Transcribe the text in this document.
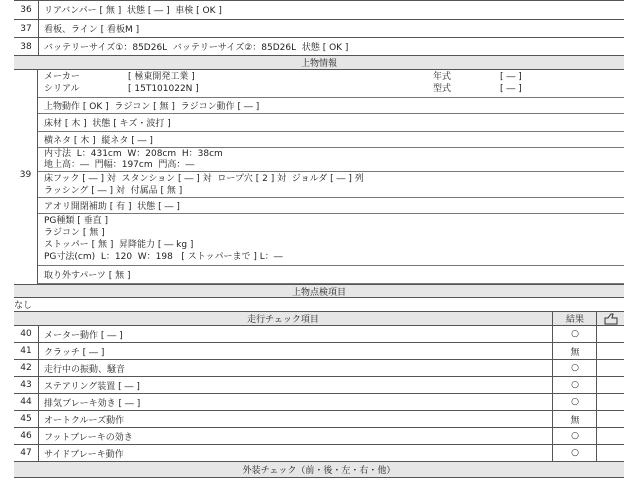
36	リアバンパー [ 無 ]  状態 [ ― ]  車検 [ OK ]
37	看板、ライン [ 看板M ]
38	バッテリーサイズ①：85D26L  バッテリーサイズ②：85D26L  状態 [ OK ]
上物情報
39
メーカー	[ 極東開発工業 ]	年式	[ ― ]
シリアル	[ 15T101022N ]	型式	[ ― ]
上物動作 [ OK ]  ラジコン [ 無 ]  ラジコン動作 [ ― ]
床材 [ 木 ]  状態 [ キズ・波打 ]
横ネタ [ 木 ]  縦ネタ [ ― ]
内寸法  L：431cm  W：208cm  H：38cm
地上高：―  門幅：197cm  門高：―
床フック [ ― ] 対  スタンション [ ― ] 対  ロープ穴 [ 2 ] 対  ジョルダ [ ― ] 列
ラッシング [ ― ] 対  付属品 [ 無 ]
アオリ開閉補助 [ 有 ]  状態 [ ― ]
PG種類 [ 垂直 ]
ラジコン [ 無 ]
ストッパー [ 無 ]  昇降能力 [ ― kg ]
PG寸法(cm)  L：120  W：198   [ ストッパーまで ] L：―
取り外すパーツ [ 無 ]
上物点検項目
なし
走行チェック項目	結果
40	メーター動作 [ ― ]	○
41	クラッチ [ ― ]	無
42	走行中の振動、騒音	○
43	ステアリング装置 [ ― ]	○
44	排気ブレーキ効き [ ― ]	○
45	オートクルーズ動作	無
46	フットブレーキの効き	○
47	サイドブレーキ動作	○
外装チェック（前・後・左・右・他）
